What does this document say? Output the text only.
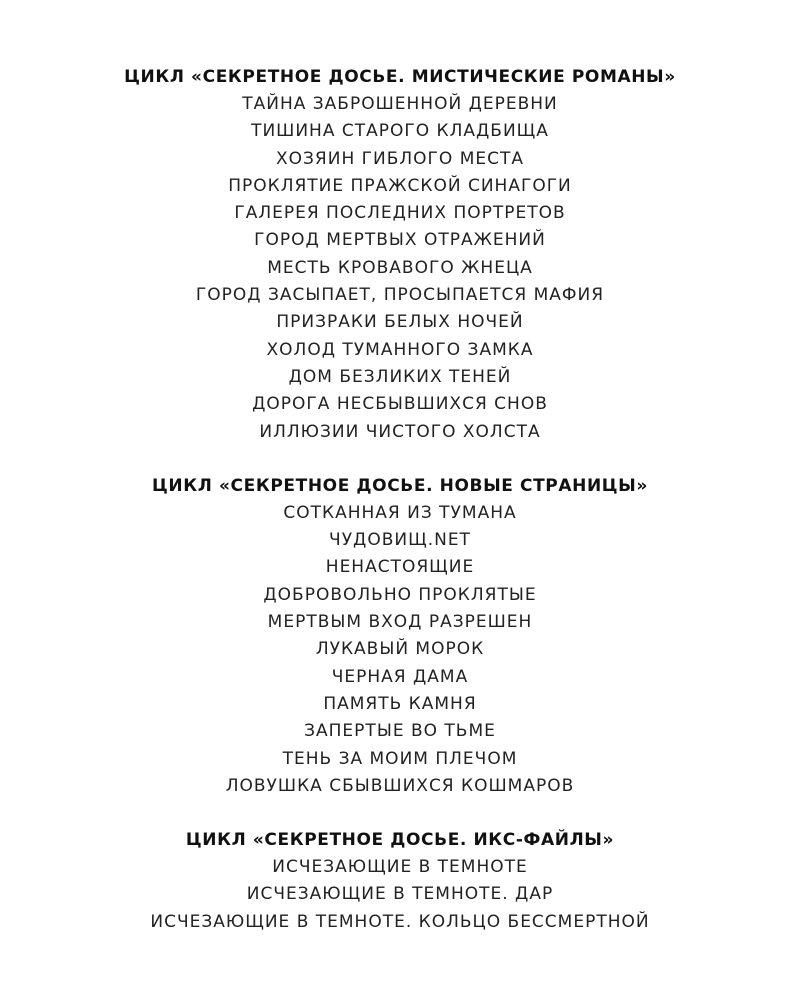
ЦИКЛ «СЕКРЕТНОЕ ДОСЬЕ. МИСТИЧЕСКИЕ РОМАНЫ»
ТАЙНА ЗАБРОШЕННОЙ ДЕРЕВНИ
ТИШИНА СТАРОГО КЛАДБИЩА
ХОЗЯИН ГИБЛОГО МЕСТА
ПРОКЛЯТИЕ ПРАЖСКОЙ СИНАГОГИ
ГАЛЕРЕЯ ПОСЛЕДНИХ ПОРТРЕТОВ
ГОРОД МЕРТВЫХ ОТРАЖЕНИЙ
МЕСТЬ КРОВАВОГО ЖНЕЦА
ГОРОД ЗАСЫПАЕТ, ПРОСЫПАЕТСЯ МАФИЯ
ПРИЗРАКИ БЕЛЫХ НОЧЕЙ
ХОЛОД ТУМАННОГО ЗАМКА
ДОМ БЕЗЛИКИХ ТЕНЕЙ
ДОРОГА НЕСБЫВШИХСЯ СНОВ
ИЛЛЮЗИИ ЧИСТОГО ХОЛСТА
ЦИКЛ «СЕКРЕТНОЕ ДОСЬЕ. НОВЫЕ СТРАНИЦЫ»
СОТКАННАЯ ИЗ ТУМАНА
ЧУДОВИЩ.NET
НЕНАСТОЯЩИЕ
ДОБРОВОЛЬНО ПРОКЛЯТЫЕ
МЕРТВЫМ ВХОД РАЗРЕШЕН
ЛУКАВЫЙ МОРОК
ЧЕРНАЯ ДАМА
ПАМЯТЬ КАМНЯ
ЗАПЕРТЫЕ ВО ТЬМЕ
ТЕНЬ ЗА МОИМ ПЛЕЧОМ
ЛОВУШКА СБЫВШИХСЯ КОШМАРОВ
ЦИКЛ «СЕКРЕТНОЕ ДОСЬЕ. ИКС-ФАЙЛЫ»
ИСЧЕЗАЮЩИЕ В ТЕМНОТЕ
ИСЧЕЗАЮЩИЕ В ТЕМНОТЕ. ДАР
ИСЧЕЗАЮЩИЕ В ТЕМНОТЕ. КОЛЬЦО БЕССМЕРТНОЙ
